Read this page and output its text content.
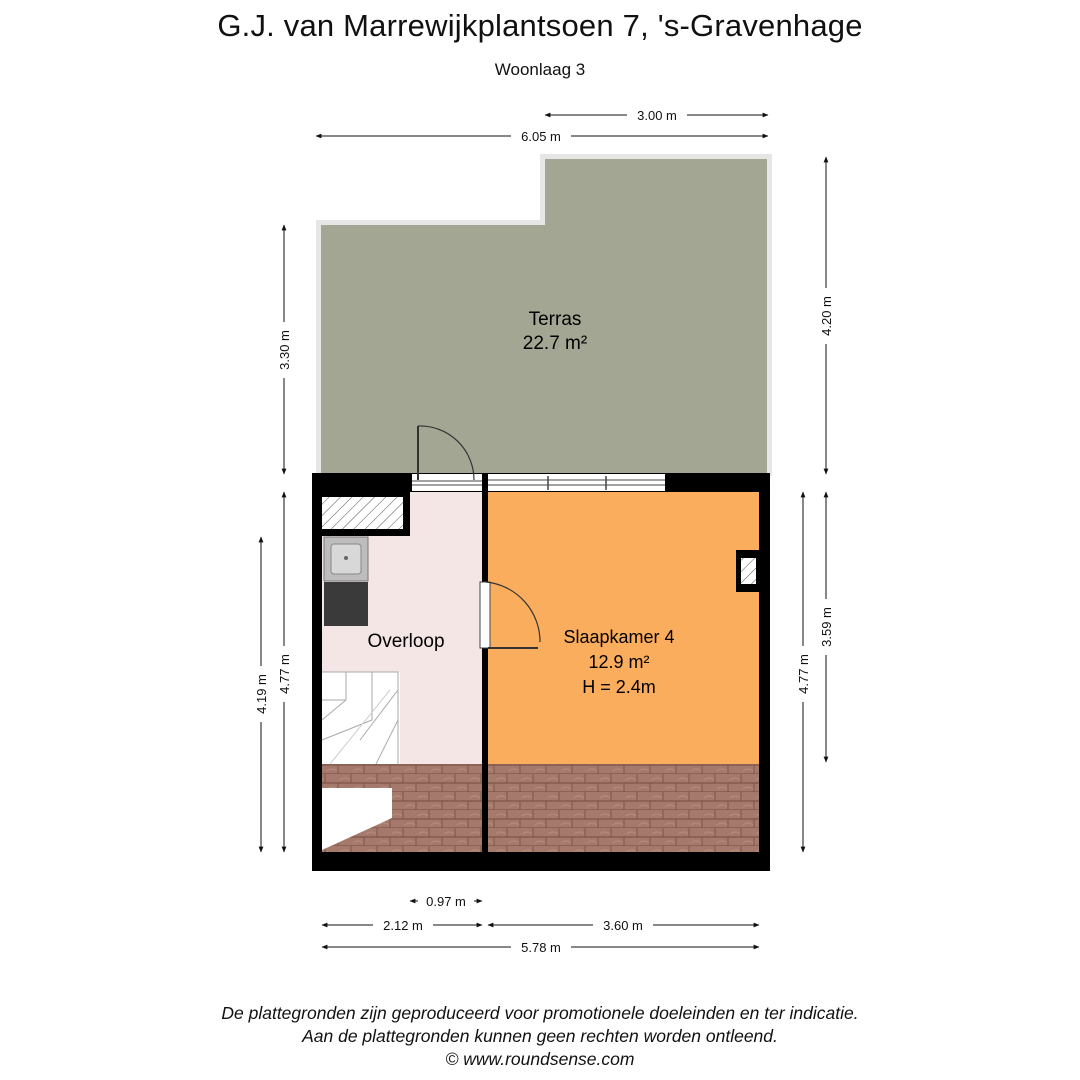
G.J. van Marrewijkplantsoen 7, 's-Gravenhage
Woonlaag 3
Terras
22.7 m²
Overloop	Slaapkamer 4
12.9 m²
H = 2.4m
3.00 m
6.05 m
0.97 m
2.12 m	3.60 m
5.78 m
3.30 m
4.20 m
4.19 m
4.77 m	4.77 m
3.59 m
De plattegronden zijn geproduceerd voor promotionele doeleinden en ter indicatie.
Aan de plattegronden kunnen geen rechten worden ontleend.
© www.roundsense.com
